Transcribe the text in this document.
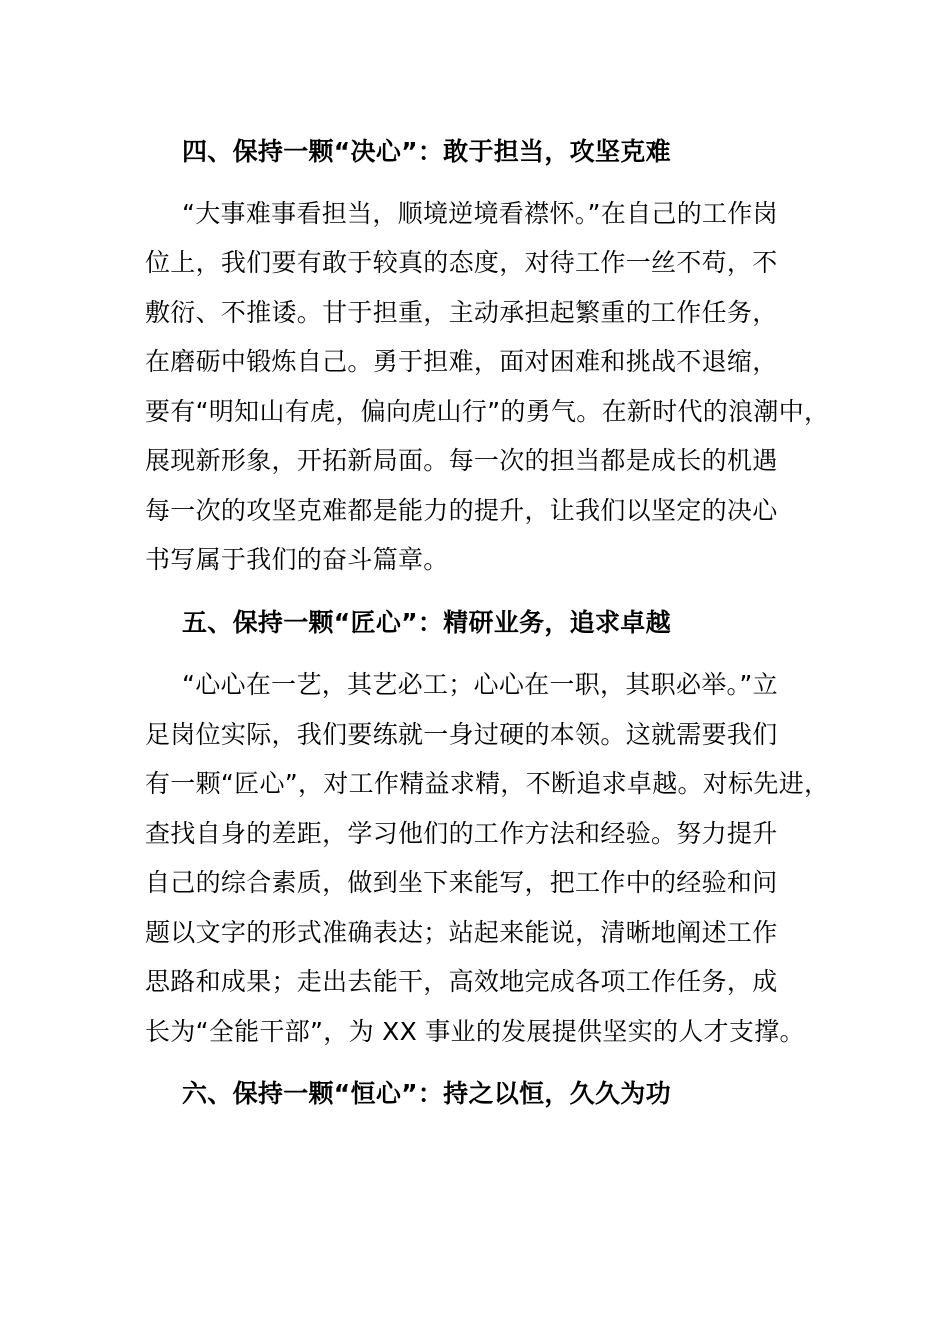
四、保持一颗“决心”：敢于担当，攻坚克难
“大事难事看担当，顺境逆境看襟怀。”在自己的工作岗
位上，我们要有敢于较真的态度，对待工作一丝不苟，不
敷衍、不推诿。甘于担重，主动承担起繁重的工作任务，
在磨砺中锻炼自己。勇于担难，面对困难和挑战不退缩，
要有“明知山有虎，偏向虎山行”的勇气。在新时代的浪潮中，
展现新形象，开拓新局面。每一次的担当都是成长的机遇
每一次的攻坚克难都是能力的提升，让我们以坚定的决心
书写属于我们的奋斗篇章。
五、保持一颗“匠心”：精研业务，追求卓越
“心心在一艺，其艺必工；心心在一职，其职必举。”立
足岗位实际，我们要练就一身过硬的本领。这就需要我们
有一颗“匠心”，对工作精益求精，不断追求卓越。对标先进，
查找自身的差距，学习他们的工作方法和经验。努力提升
自己的综合素质，做到坐下来能写，把工作中的经验和问
题以文字的形式准确表达；站起来能说，清晰地阐述工作
思路和成果；走出去能干，高效地完成各项工作任务，成
长为“全能干部”，为 XX 事业的发展提供坚实的人才支撑。
六、保持一颗“恒心”：持之以恒，久久为功
